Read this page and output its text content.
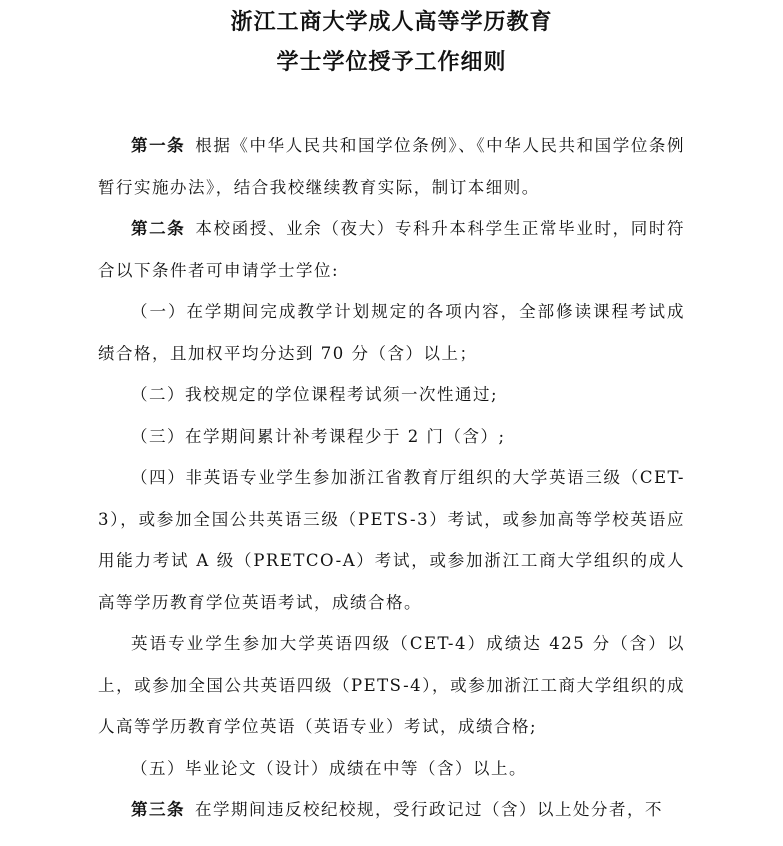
浙江工商大学成人高等学历教育
学士学位授予工作细则

第一条 根据《中华人民共和国学位条例》、《中华人民共和国学位条例暂行实施办法》，结合我校继续教育实际，制订本细则。

第二条 本校函授、业余（夜大）专科升本科学生正常毕业时，同时符合以下条件者可申请学士学位:

（一）在学期间完成教学计划规定的各项内容，全部修读课程考试成绩合格，且加权平均分达到 70 分（含）以上；

（二）我校规定的学位课程考试须一次性通过;

（三）在学期间累计补考课程少于 2 门（含）;

（四）非英语专业学生参加浙江省教育厅组织的大学英语三级（CET-3），或参加全国公共英语三级（PETS-3）考试，或参加高等学校英语应用能力考试 A 级（PRETCO-A）考试，或参加浙江工商大学组织的成人高等学历教育学位英语考试，成绩合格。

英语专业学生参加大学英语四级（CET-4）成绩达 425 分（含）以上，或参加全国公共英语四级（PETS-4），或参加浙江工商大学组织的成人高等学历教育学位英语（英语专业）考试，成绩合格;

（五）毕业论文（设计）成绩在中等（含）以上。

第三条 在学期间违反校纪校规，受行政记过（含）以上处分者，不
